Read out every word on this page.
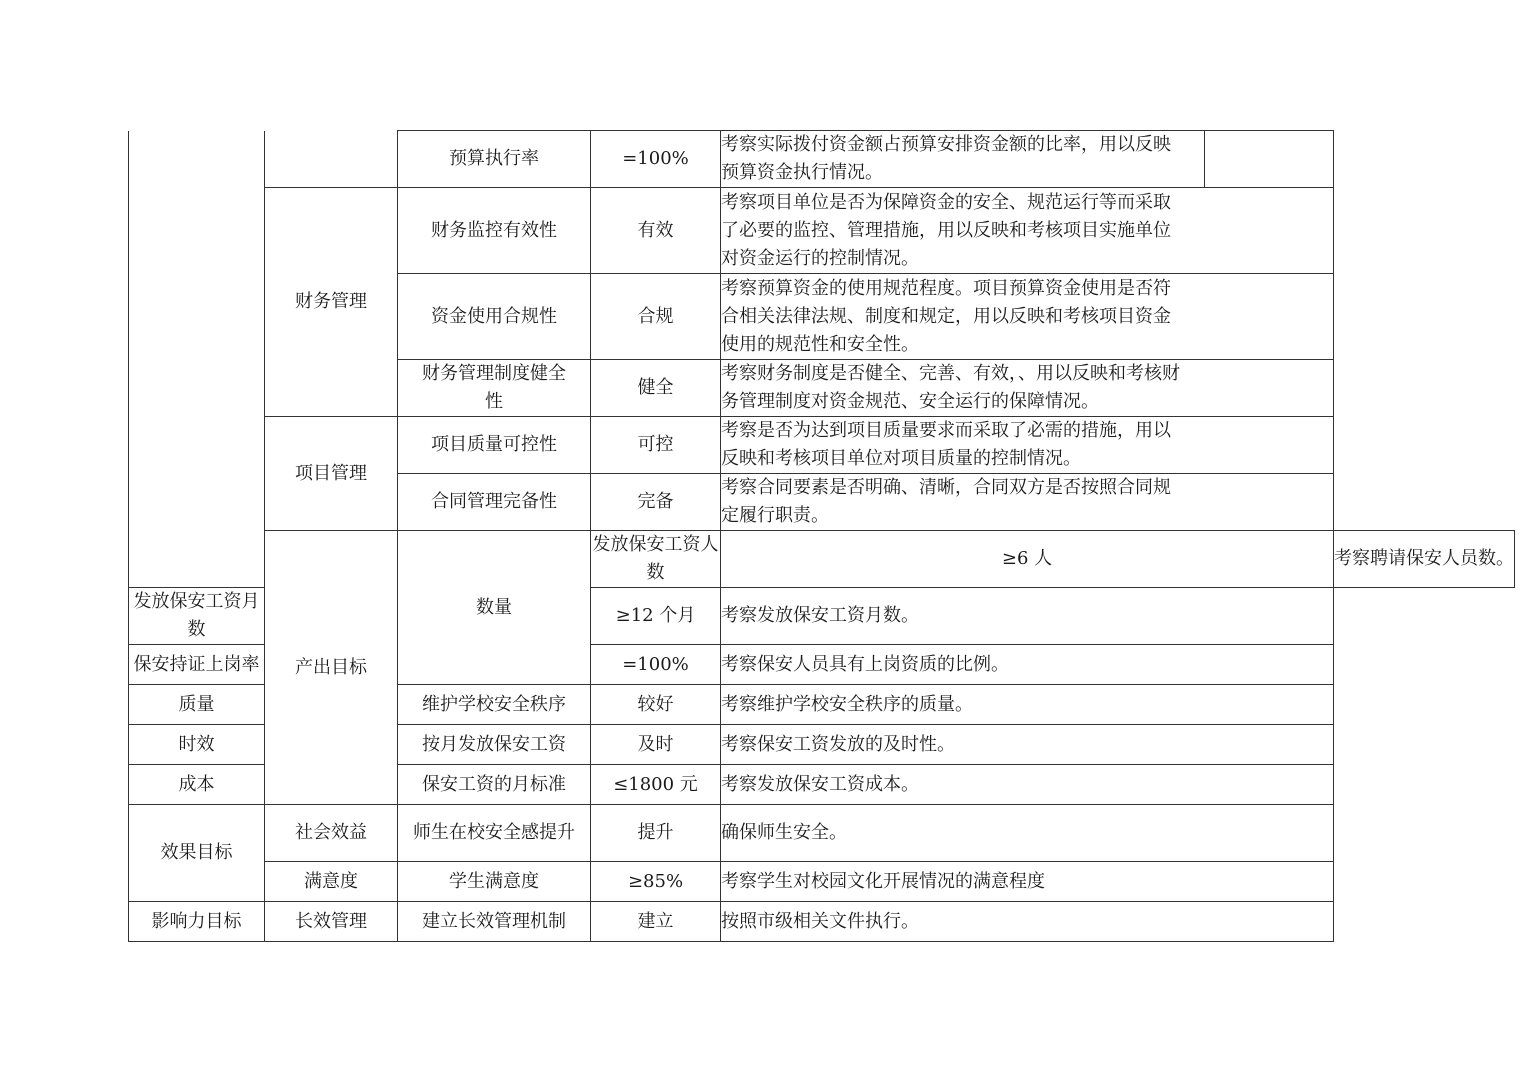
		预算执行率	=100%	考察实际拨付资金额占预算安排资金额的比率，用以反映预算资金执行情况。	

	财务管理	财务监控有效性	有效	考察项目单位是否为保障资金的安全、规范运行等而采取了必要的监控、管理措施，用以反映和考核项目实施单位对资金运行的控制情况。	

		资金使用合规性	合规	考察预算资金的使用规范程度。项目预算资金使用是否符合相关法律法规、制度和规定，用以反映和考核项目资金使用的规范性和安全性。	

		财务管理制度健全性	健全	考察财务制度是否健全、完善、有效，、用以反映和考核财务管理制度对资金规范、安全运行的保障情况。	

	项目管理	项目质量可控性	可控	考察是否为达到项目质量要求而采取了必需的措施，用以反映和考核项目单位对项目质量的控制情况。	

		合同管理完备性	完备	考察合同要素是否明确、清晰，合同双方是否按照合同规定履行职责。	

	产出目标	数量	发放保安工资人数	≥6 人	考察聘请保安人员数。
发放保安工资月数			≥12 个月	考察发放保安工资月数。	
保安持证上岗率			=100%	考察保安人员具有上岗资质的比例。	
质量		维护学校安全秩序	较好	考察维护学校安全秩序的质量。	
时效		按月发放保安工资	及时	考察保安工资发放的及时性。	
成本		保安工资的月标准	≤1800 元	考察发放保安工资成本。	
效果目标	社会效益	师生在校安全感提升	提升	确保师生安全。	
	满意度	学生满意度	≥85%	考察学生对校园文化开展情况的满意程度	
影响力目标	长效管理	建立长效管理机制	建立	按照市级相关文件执行。	
